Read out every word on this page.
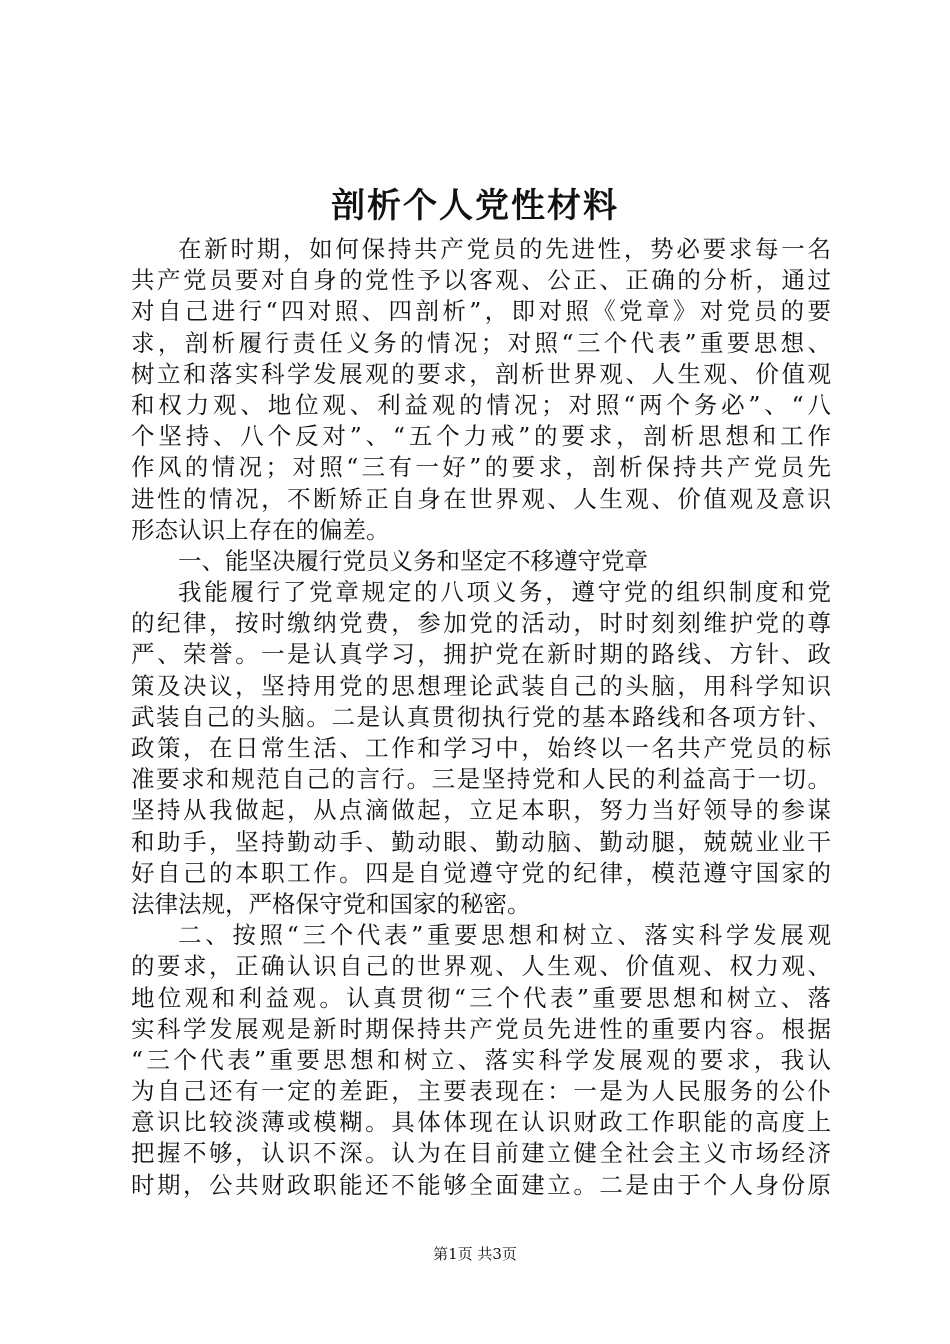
剖析个人党性材料
在新时期，如何保持共产党员的先进性，势必要求每一名
共产党员要对自身的党性予以客观、公正、正确的分析，通过
对自己进行“四对照、四剖析”，即对照《党章》对党员的要
求，剖析履行责任义务的情况；对照“三个代表”重要思想、
树立和落实科学发展观的要求，剖析世界观、人生观、价值观
和权力观、地位观、利益观的情况；对照“两个务必”、“八
个坚持、八个反对”、“五个力戒”的要求，剖析思想和工作
作风的情况；对照“三有一好”的要求，剖析保持共产党员先
进性的情况，不断矫正自身在世界观、人生观、价值观及意识
形态认识上存在的偏差。
一、能坚决履行党员义务和坚定不移遵守党章
我能履行了党章规定的八项义务，遵守党的组织制度和党
的纪律，按时缴纳党费，参加党的活动，时时刻刻维护党的尊
严、荣誉。一是认真学习，拥护党在新时期的路线、方针、政
策及决议，坚持用党的思想理论武装自己的头脑，用科学知识
武装自己的头脑。二是认真贯彻执行党的基本路线和各项方针、
政策，在日常生活、工作和学习中，始终以一名共产党员的标
准要求和规范自己的言行。三是坚持党和人民的利益高于一切。
坚持从我做起，从点滴做起，立足本职，努力当好领导的参谋
和助手，坚持勤动手、勤动眼、勤动脑、勤动腿，兢兢业业干
好自己的本职工作。四是自觉遵守党的纪律，模范遵守国家的
法律法规，严格保守党和国家的秘密。
二、按照“三个代表”重要思想和树立、落实科学发展观
的要求，正确认识自己的世界观、人生观、价值观、权力观、
地位观和利益观。认真贯彻“三个代表”重要思想和树立、落
实科学发展观是新时期保持共产党员先进性的重要内容。根据
“三个代表”重要思想和树立、落实科学发展观的要求，我认
为自己还有一定的差距，主要表现在：一是为人民服务的公仆
意识比较淡薄或模糊。具体体现在认识财政工作职能的高度上
把握不够，认识不深。认为在目前建立健全社会主义市场经济
时期，公共财政职能还不能够全面建立。二是由于个人身份原
第1页 共3页
